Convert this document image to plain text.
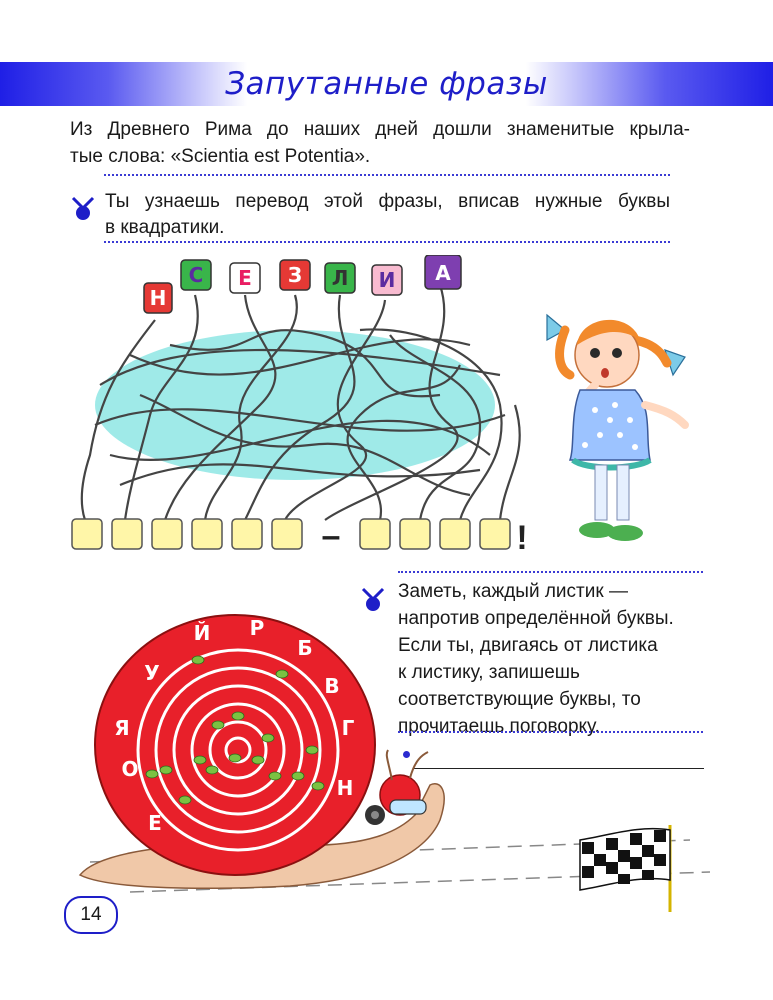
Запутанные фразы
Из Древнего Рима до наших дней дошли знаменитые крыла-
тые слова: «Scientia est Potentia».
Ты узнаешь перевод этой фразы, вписав нужные буквы
в квадратики.
Н
С Е З Л И А
–	!
Заметь, каждый листик —
напротив определённой буквы.
Если ты, двигаясь от листика
к листику, запишешь
соответствующие буквы, то
прочитаешь поговорку.
Й Р
Б
В
Г
Н
Е
О
Я
У
14
